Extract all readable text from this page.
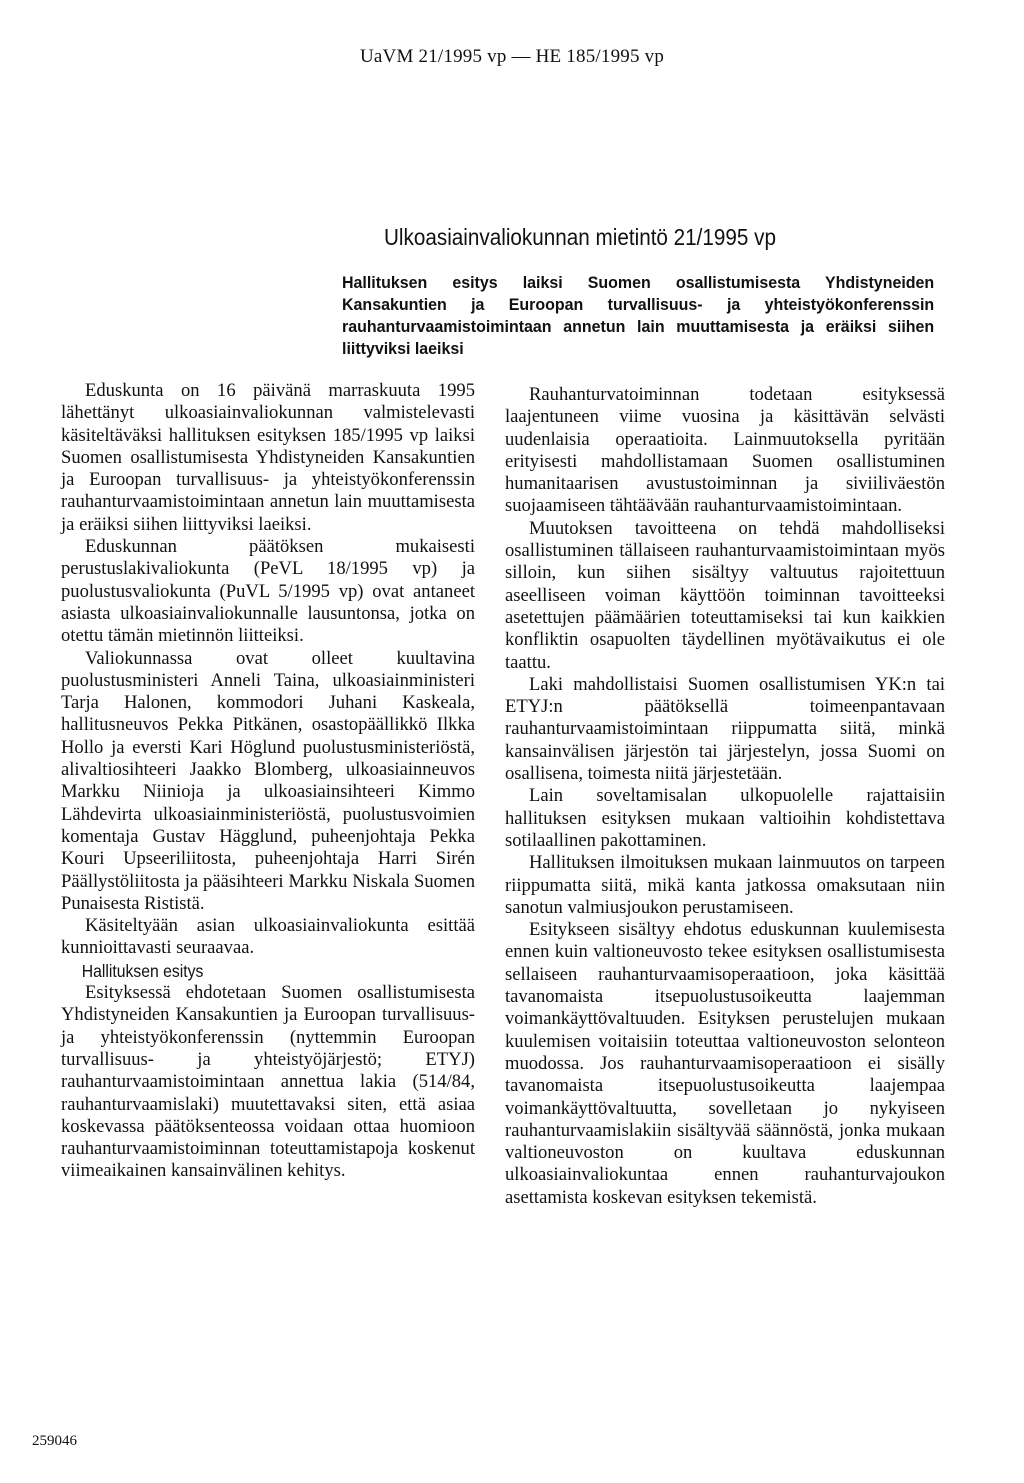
UaVM 21/1995 vp — HE 185/1995 vp
Ulkoasiainvaliokunnan mietintö 21/1995 vp
Hallituksen esitys laiksi Suomen osallistumisesta Yhdistyneiden Kansakuntien ja Euroopan turvallisuus- ja yhteistyökonferenssin rauhanturvaamistoimintaan annetun lain muuttamisesta ja eräiksi siihen liittyviksi laeiksi

Eduskunta on 16 päivänä marraskuuta 1995 lähettänyt ulkoasiainvaliokunnan valmistelevasti käsiteltäväksi hallituksen esityksen 185/1995 vp laiksi Suomen osallistumisesta Yhdistyneiden Kansakuntien ja Euroopan turvallisuus- ja yhteistyökonferenssin rauhanturvaamistoimintaan annetun lain muuttamisesta ja eräiksi siihen liittyviksi laeiksi.

Eduskunnan päätöksen mukaisesti perustuslakivaliokunta (PeVL 18/1995 vp) ja puolustusvaliokunta (PuVL 5/1995 vp) ovat antaneet asiasta ulkoasiainvaliokunnalle lausuntonsa, jotka on otettu tämän mietinnön liitteiksi.

Valiokunnassa ovat olleet kuultavina puolustusministeri Anneli Taina, ulkoasiainministeri Tarja Halonen, kommodori Juhani Kaskeala, hallitusneuvos Pekka Pitkänen, osastopäällikkö Ilkka Hollo ja eversti Kari Höglund puolustusministeriöstä, alivaltiosihteeri Jaakko Blomberg, ulkoasiainneuvos Markku Niinioja ja ulkoasiainsihteeri Kimmo Lähdevirta ulkoasiainministeriöstä, puolustusvoimien komentaja Gustav Hägglund, puheenjohtaja Pekka Kouri Upseeriliitosta, puheenjohtaja Harri Sirén Päällystöliitosta ja pääsihteeri Markku Niskala Suomen Punaisesta Rististä.

Käsiteltyään asian ulkoasiainvaliokunta esittää kunnioittavasti seuraavaa.

Hallituksen esitys

Esityksessä ehdotetaan Suomen osallistumisesta Yhdistyneiden Kansakuntien ja Euroopan turvallisuus- ja yhteistyökonferenssin (nyttemmin Euroopan turvallisuus- ja yhteistyöjärjestö; ETYJ) rauhanturvaamistoimintaan annettua lakia (514/84, rauhanturvaamislaki) muutettavaksi siten, että asiaa koskevassa päätöksenteossa voidaan ottaa huomioon rauhanturvaamistoiminnan toteuttamistapoja koskenut viimeaikainen kansainvälinen kehitys.

Rauhanturvatoiminnan todetaan esityksessä laajentuneen viime vuosina ja käsittävän selvästi uudenlaisia operaatioita. Lainmuutoksella pyritään erityisesti mahdollistamaan Suomen osallistuminen humanitaarisen avustustoiminnan ja siviiliväestön suojaamiseen tähtäävään rauhanturvaamistoimintaan.

Muutoksen tavoitteena on tehdä mahdolliseksi osallistuminen tällaiseen rauhanturvaamistoimintaan myös silloin, kun siihen sisältyy valtuutus rajoitettuun aseelliseen voiman käyttöön toiminnan tavoitteeksi asetettujen päämäärien toteuttamiseksi tai kun kaikkien konfliktin osapuolten täydellinen myötävaikutus ei ole taattu.

Laki mahdollistaisi Suomen osallistumisen YK:n tai ETYJ:n päätöksellä toimeenpantavaan rauhanturvaamistoimintaan riippumatta siitä, minkä kansainvälisen järjestön tai järjestelyn, jossa Suomi on osallisena, toimesta niitä järjestetään.

Lain soveltamisalan ulkopuolelle rajattaisiin hallituksen esityksen mukaan valtioihin kohdistettava sotilaallinen pakottaminen.

Hallituksen ilmoituksen mukaan lainmuutos on tarpeen riippumatta siitä, mikä kanta jatkossa omaksutaan niin sanotun valmiusjoukon perustamiseen.

Esitykseen sisältyy ehdotus eduskunnan kuulemisesta ennen kuin valtioneuvosto tekee esityksen osallistumisesta sellaiseen rauhanturvaamisoperaatioon, joka käsittää tavanomaista itsepuolustusoikeutta laajemman voimankäyttövaltuuden. Esityksen perustelujen mukaan kuulemisen voitaisiin toteuttaa valtioneuvoston selonteon muodossa. Jos rauhanturvaamisoperaatioon ei sisälly tavanomaista itsepuolustusoikeutta laajempaa voimankäyttövaltuutta, sovelletaan jo nykyiseen rauhanturvaamislakiin sisältyvää säännöstä, jonka mukaan valtioneuvoston on kuultava eduskunnan ulkoasiainvaliokuntaa ennen rauhanturvajoukon asettamista koskevan esityksen tekemistä.

259046
